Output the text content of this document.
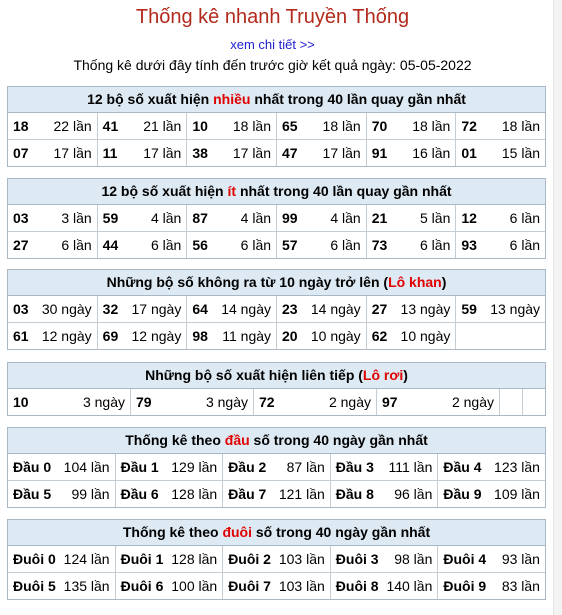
Thống kê nhanh Truyền Thống
xem chi tiết >>
Thống kê dưới đây tính đến trước giờ kết quả ngày: 05-05-2022
12 bộ số xuất hiện nhiều nhất trong 40 lần quay gần nhất
18 22 lần 41 21 lần 10 18 lần 65 18 lần 70 18 lần 72 18 lần
07 17 lần 11 17 lần 38 17 lần 47 17 lần 91 16 lần 01 15 lần
12 bộ số xuất hiện ít nhất trong 40 lần quay gần nhất
03 3 lần 59 4 lần 87 4 lần 99 4 lần 21 5 lần 12 6 lần
27 6 lần 44 6 lần 56 6 lần 57 6 lần 73 6 lần 93 6 lần
Những bộ số không ra từ 10 ngày trở lên (Lô khan)
03 30 ngày 32 17 ngày 64 14 ngày 23 14 ngày 27 13 ngày 59 13 ngày
61 12 ngày 69 12 ngày 98 11 ngày 20 10 ngày 62 10 ngày
Những bộ số xuất hiện liên tiếp (Lô rơi)
10	3 ngày 79	3 ngày 72	2 ngày 97	2 ngày
Thống kê theo đầu số trong 40 ngày gần nhất
Đầu 0 104 lần Đầu 1 129 lần Đầu 2 87 lần Đầu 3 111 lần Đầu 4 123 lần
Đầu 5 99 lần Đầu 6 128 lần Đầu 7 121 lần Đầu 8 96 lần Đầu 9 109 lần
Thống kê theo đuôi số trong 40 ngày gần nhất
Đuôi 0 124 lần Đuôi 1 128 lần Đuôi 2 103 lần Đuôi 3 98 lần Đuôi 4 93 lần
Đuôi 5 135 lần Đuôi 6 100 lần Đuôi 7 103 lần Đuôi 8 140 lần Đuôi 9 83 lần
